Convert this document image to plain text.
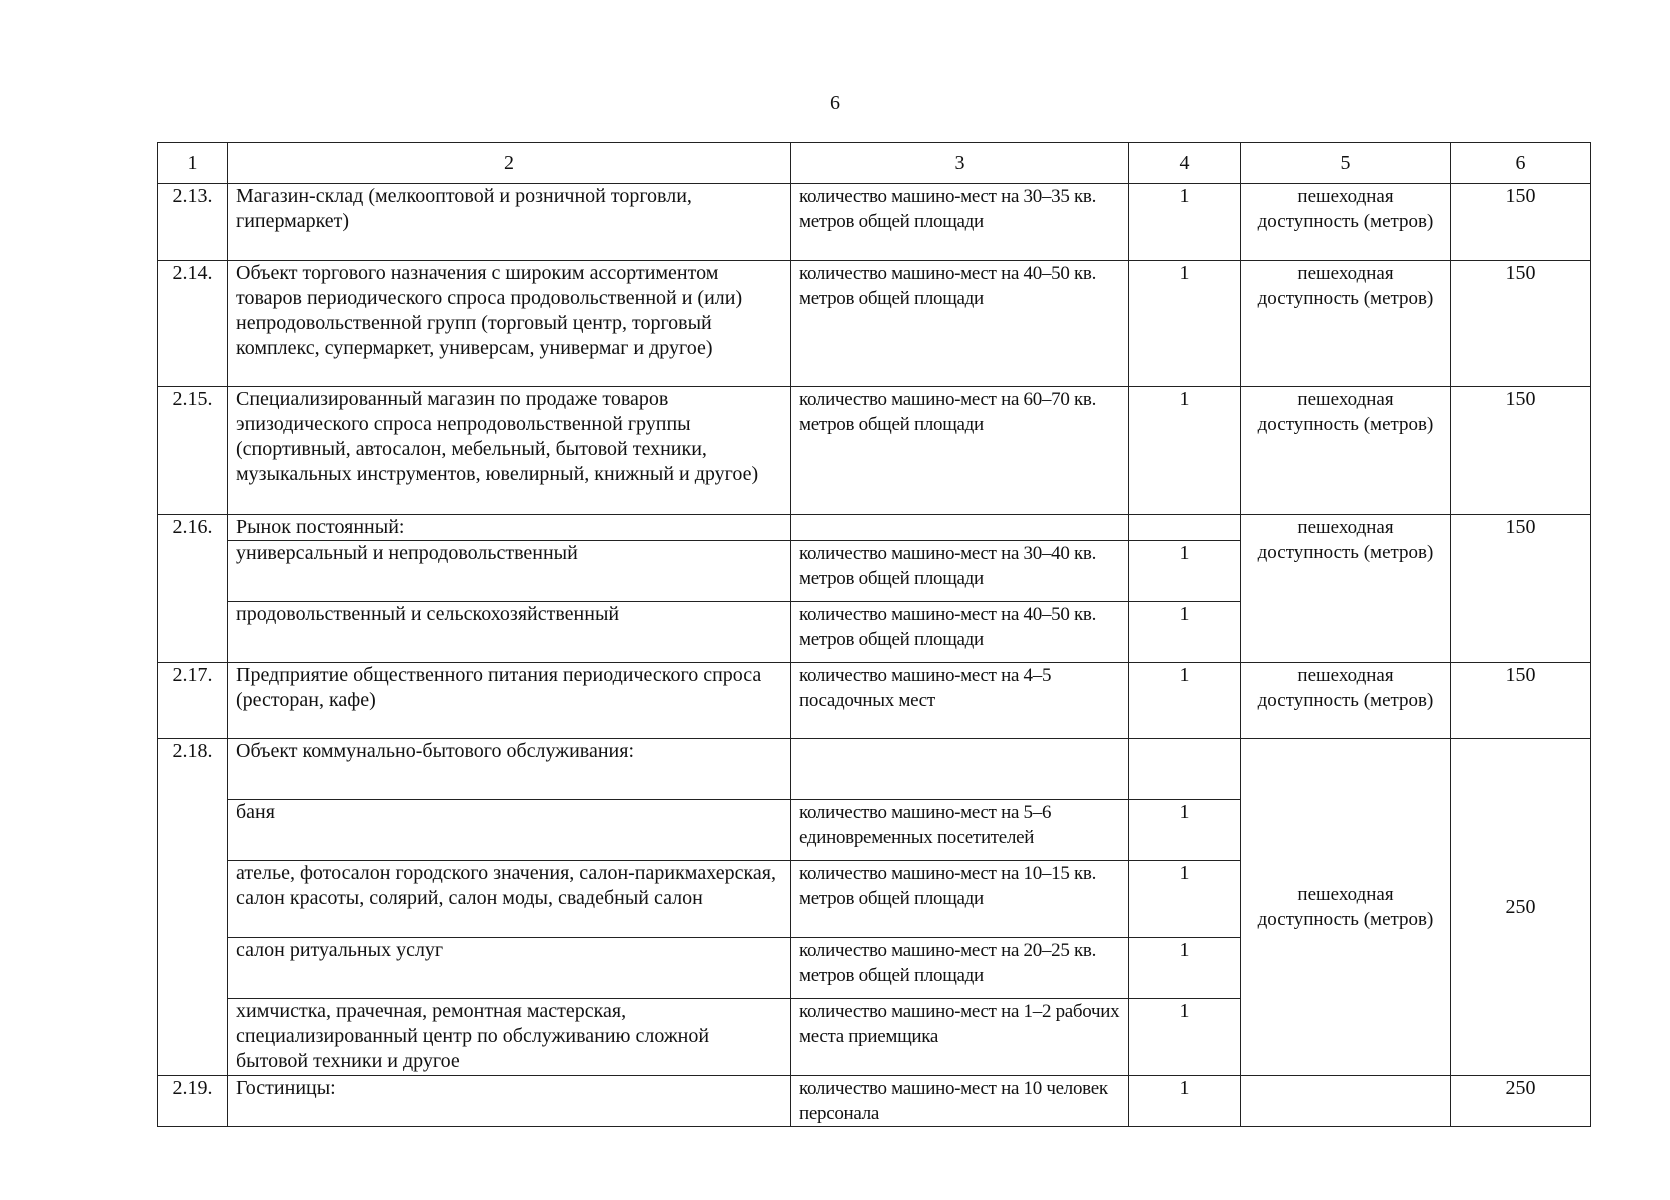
6
1	2	3	4	5	6
2.13.	Магазин-склад (мелкооптовой и розничной торговли, гипермаркет)	количество машино-мест на 30–35 кв. метров общей площади	1	пешеходная доступность (метров)	150
2.14.	Объект торгового назначения с широким ассортиментом товаров периодического спроса продовольственной и (или) непродовольственной групп (торговый центр, торговый комплекс, супермаркет, универсам, универмаг и другое)	количество машино-мест на 40–50 кв. метров общей площади	1	пешеходная доступность (метров)	150
2.15.	Специализированный магазин по продаже товаров эпизодического спроса непродовольственной группы (спортивный, автосалон, мебельный, бытовой техники, музыкальных инструментов, ювелирный, книжный и другое)	количество машино-мест на 60–70 кв. метров общей площади	1	пешеходная доступность (метров)	150
2.16.	Рынок постоянный:			пешеходная доступность (метров)	150
	универсальный и непродовольственный	количество машино-мест на 30–40 кв. метров общей площади	1		
	продовольственный и сельскохозяйственный	количество машино-мест на 40–50 кв. метров общей площади	1		
2.17.	Предприятие общественного питания периодического спроса (ресторан, кафе)	количество машино-мест на 4–5 посадочных мест	1	пешеходная доступность (метров)	150
2.18.	Объект коммунально-бытового обслуживания:			пешеходная доступность (метров)	250
	баня	количество машино-мест на 5–6 единовременных посетителей	1		
	ателье, фотосалон городского значения, салон-парикмахерская, салон красоты, солярий, салон моды, свадебный салон	количество машино-мест на 10–15 кв. метров общей площади	1		
	салон ритуальных услуг	количество машино-мест на 20–25 кв. метров общей площади	1		
	химчистка, прачечная, ремонтная мастерская, специализированный центр по обслуживанию сложной бытовой техники и другое	количество машино-мест на 1–2 рабочих места приемщика	1		
2.19.	Гостиницы:	количество машино-мест на 10 человек персонала	1		250
